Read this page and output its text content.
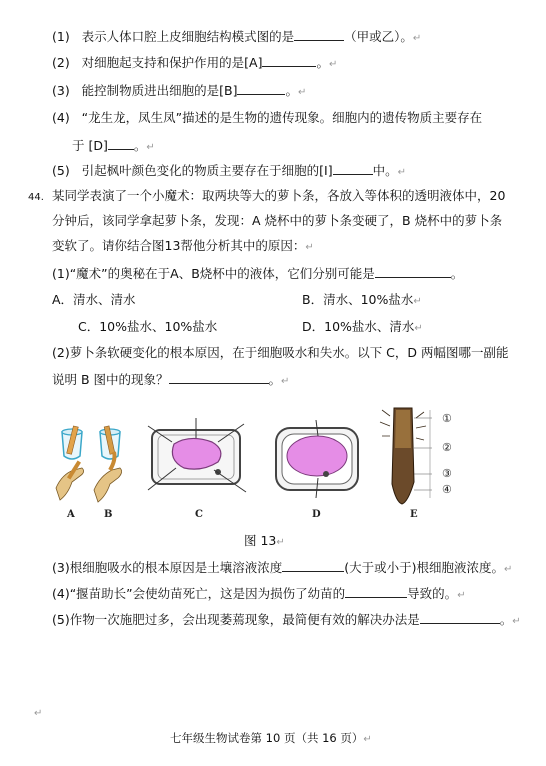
(1) 表示人体口腔上皮细胞结构模式图的是	（甲或乙）。↵
(2) 对细胞起支持和保护作用的是[A]	。↵
(3) 能控制物质进出细胞的是[B]	。↵
(4) “龙生龙，凤生凤”描述的是生物的遗传现象。细胞内的遗传物质主要存在
于 [D] 。↵
(5) 引起枫叶颜色变化的物质主要存在于细胞的[I]	中。↵
44. 某同学表演了一个小魔术：取两块等大的萝卜条，各放入等体积的透明液体中，20
分钟后，该同学拿起萝卜条，发现：A 烧杯中的萝卜条变硬了，B 烧杯中的萝卜条
变软了。请你结合图13帮他分析其中的原因：↵
(1)“魔术”的奥秘在于A、B烧杯中的液体，它们分别可能是	。
A．清水、清水	B．清水、10%盐水↵
C．10%盐水、10%盐水	D．10%盐水、清水↵
(2)萝卜条软硬变化的根本原因，在于细胞吸水和失水。以下 C，D 两幅图哪一副能
说明 B 图中的现象？	。↵
①
②
③
④
A	B	C	D	E
图 13↵
(3)根细胞吸水的根本原因是土壤溶液浓度	(大于或小于)根细胞液浓度。↵
(4)“揠苗助长”会使幼苗死亡，这是因为损伤了幼苗的	导致的。↵
(5)作物一次施肥过多，会出现萎蔫现象，最简便有效的解决办法是	。↵
↵
七年级生物试卷第 10 页（共 16 页）↵
